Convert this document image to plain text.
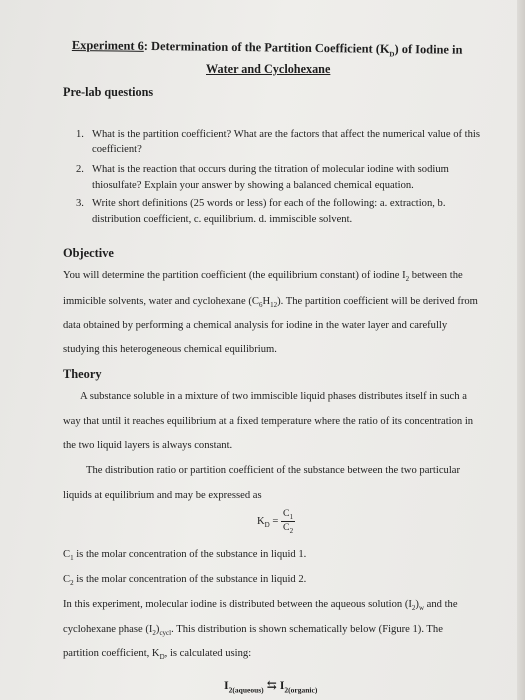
Experiment 6: Determination of the Partition Coefficient $(K_D)$ of Iodine in
Water and Cyclohexane
Pre-lab questions
1. What is the partition coefficient? What are the factors that affect the numerical value of this
coefficient?
2. What is the reaction that occurs during the titration of molecular iodine with sodium
thiosulfate? Explain your answer by showing a balanced chemical equation.
3. Write short definitions (25 words or less) for each of the following: a. extraction, b.
distribution coefficient, c. equilibrium. d. immiscible solvent.
Objective
You will determine the partition coefficient (the equilibrium constant) of iodine $I_2$ between the
immicible solvents, water and cyclohexane $(C_6H_{12})$. The partition coefficient will be derived from
data obtained by performing a chemical analysis for iodine in the water layer and carefully
studying this heterogeneous chemical equilibrium.
Theory
A substance soluble in a mixture of two immiscible liquid phases distributes itself in such a
way that until it reaches equilibrium at a fixed temperature where the ratio of its concentration in
the two liquid layers is always constant.
The distribution ratio or partition coefficient of the substance between the two particular
liquids at equilibrium and may be expressed as
$K_D = \frac{C_1}{C_2}$
$C_1$ is the molar concentration of the substance in liquid 1.
$C_2$ is the molar concentration of the substance in liquid 2.
In this experiment, molecular iodine is distributed between the aqueous solution $(I_2)_w$ and the
cyclohexane phase $(I_2)_{cycl}$. This distribution is shown schematically below (Figure 1). The
partition coefficient, $K_D$, is calculated using:
$I_{2(aqueous)}$ ⇆ $I_{2(organic)}$
